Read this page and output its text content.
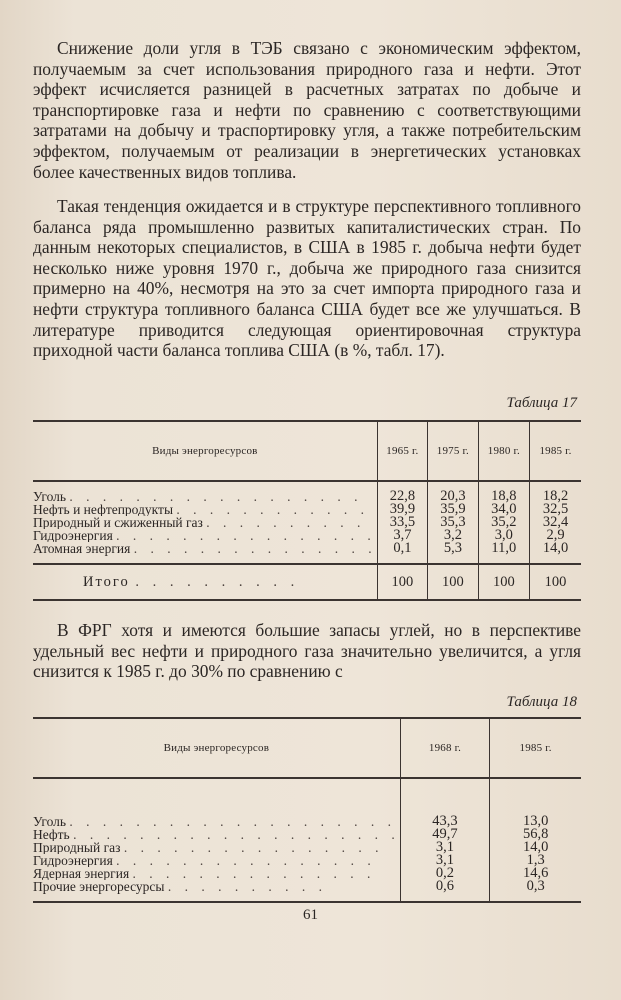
Снижение доли угля в ТЭБ связано с экономическим эффектом, получаемым за счет использования природного газа и нефти. Этот эффект исчисляется разницей в расчетных затратах по добыче и транспортировке газа и нефти по сравнению с соответствующими затратами на добычу и траспортировку угля, а также потребительским эффектом, получаемым от реализации в энергетических установках более качественных видов топлива.

Такая тенденция ожидается и в структуре перспективного топливного баланса ряда промышленно развитых капиталистических стран. По данным некоторых специалистов, в США в 1985 г. добыча нефти будет несколько ниже уровня 1970 г., добыча же природного газа снизится примерно на 40%, несмотря на это за счет импорта природного газа и нефти структура топливного баланса США будет все же улучшаться. В литературе приводится следующая ориентировочная структура приходной части баланса топлива США (в %, табл. 17).

Таблица 17
Виды энергоресурсов	1965 г.	1975 г.	1980 г.	1985 г.
Уголь . . . . . . . . . . . . . . . . . .	22,8	20,3	18,8	18,2
Нефть и нефтепродукты . . . . . . . . . . . .	39,9	35,9	34,0	32,5
Природный и сжиженный газ . . . . . . . . . .	33,5	35,3	35,2	32,4
Гидроэнергия . . . . . . . . . . . . . . . .	3,7	3,2	3,0	2,9
Атомная энергия . . . . . . . . . . . . . . .	0,1	5,3	11,0	14,0
Итого . . . . . . . . . .	100	100	100	100

В ФРГ хотя и имеются большие запасы углей, но в перспективе удельный вес нефти и природного газа значительно увеличится, а угля снизится к 1985 г. до 30% по сравнению с

Таблица 18
Виды энергоресурсов	1968 г.	1985 г.
Уголь . . . . . . . . . . . . . . . . . . . .	43,3	13,0
Нефть . . . . . . . . . . . . . . . . . . . .	49,7	56,8
Природный газ . . . . . . . . . . . . . . . .	3,1	14,0
Гидроэнергия . . . . . . . . . . . . . . . .	3,1	1,3
Ядерная энергия . . . . . . . . . . . . . . .	0,2	14,6
Прочие энергоресурсы . . . . . . . . . .	0,6	0,3
61
